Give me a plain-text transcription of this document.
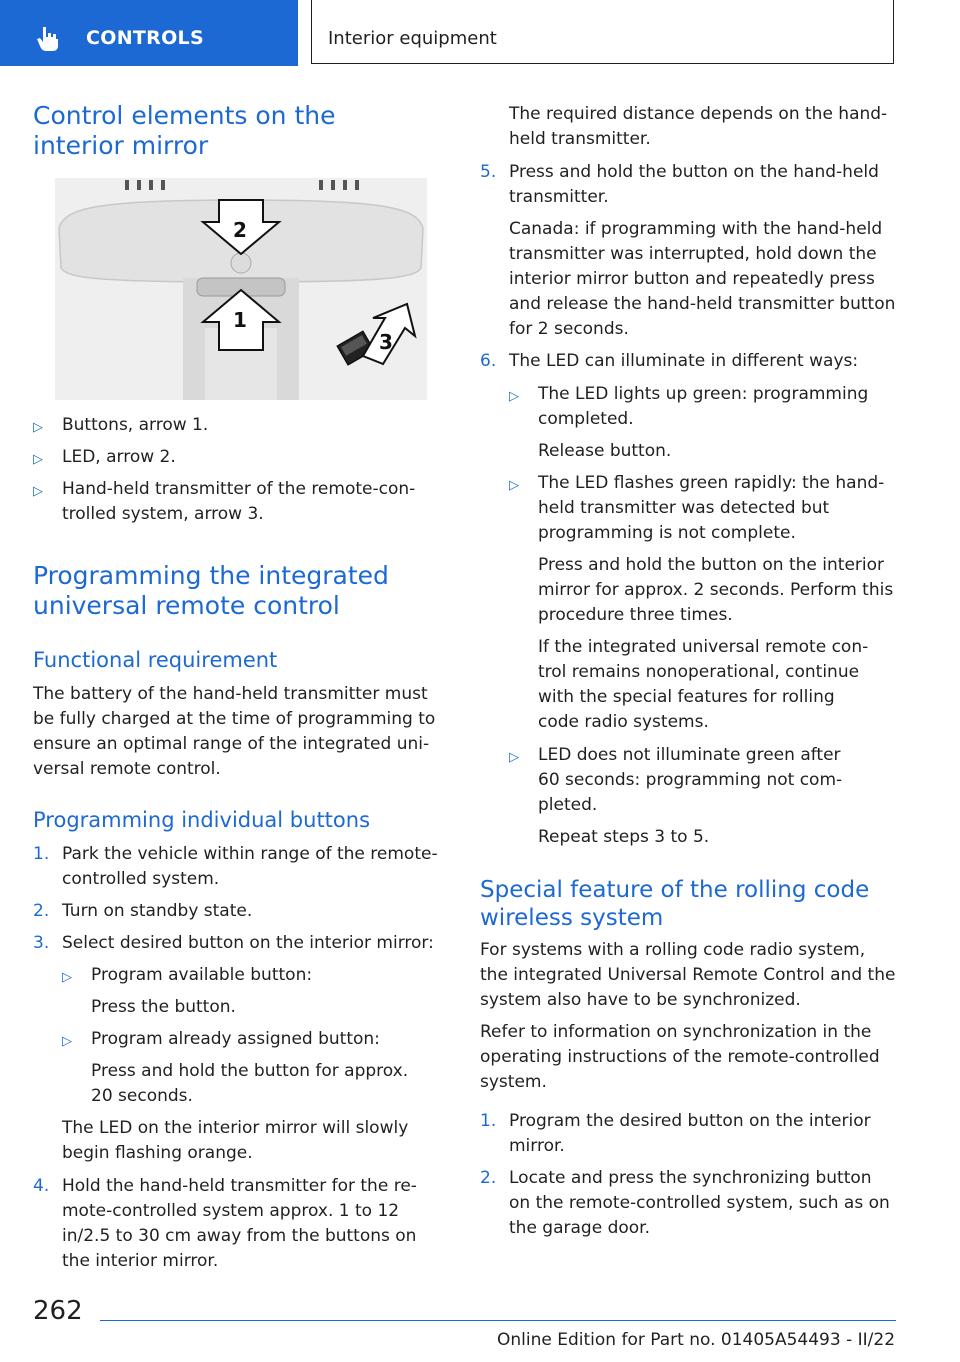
CONTROLS	Interior equipment
Control elements on the interior mirror
2
1
3
▷ Buttons, arrow 1.
▷ LED, arrow 2.
▷ Hand-held transmitter of the remote-controlled system, arrow 3.
Programming the integrated universal remote control
Functional requirement
The battery of the hand-held transmitter must be fully charged at the time of programming to ensure an optimal range of the integrated universal remote control.
Programming individual buttons
1. Park the vehicle within range of the remote-controlled system.
2. Turn on standby state.
3. Select desired button on the interior mirror:
▷ Program available button:
Press the button.
▷ Program already assigned button:
Press and hold the button for approx. 20 seconds.
The LED on the interior mirror will slowly begin flashing orange.
4. Hold the hand-held transmitter for the remote-controlled system approx. 1 to 12 in/2.5 to 30 cm away from the buttons on the interior mirror.
The required distance depends on the hand-held transmitter.
5. Press and hold the button on the hand-held transmitter.
Canada: if programming with the hand-held transmitter was interrupted, hold down the interior mirror button and repeatedly press and release the hand-held transmitter button for 2 seconds.
6. The LED can illuminate in different ways:
▷ The LED lights up green: programming completed.
Release button.
▷ The LED flashes green rapidly: the hand-held transmitter was detected but programming is not complete.
Press and hold the button on the interior mirror for approx. 2 seconds. Perform this procedure three times.
If the integrated universal remote control remains nonoperational, continue with the special features for rolling code radio systems.
▷ LED does not illuminate green after 60 seconds: programming not completed.
Repeat steps 3 to 5.
Special feature of the rolling code wireless system
For systems with a rolling code radio system, the integrated Universal Remote Control and the system also have to be synchronized.
Refer to information on synchronization in the operating instructions of the remote-controlled system.
1. Program the desired button on the interior mirror.
2. Locate and press the synchronizing button on the remote-controlled system, such as on the garage door.
262
Online Edition for Part no. 01405A54493 - II/22
